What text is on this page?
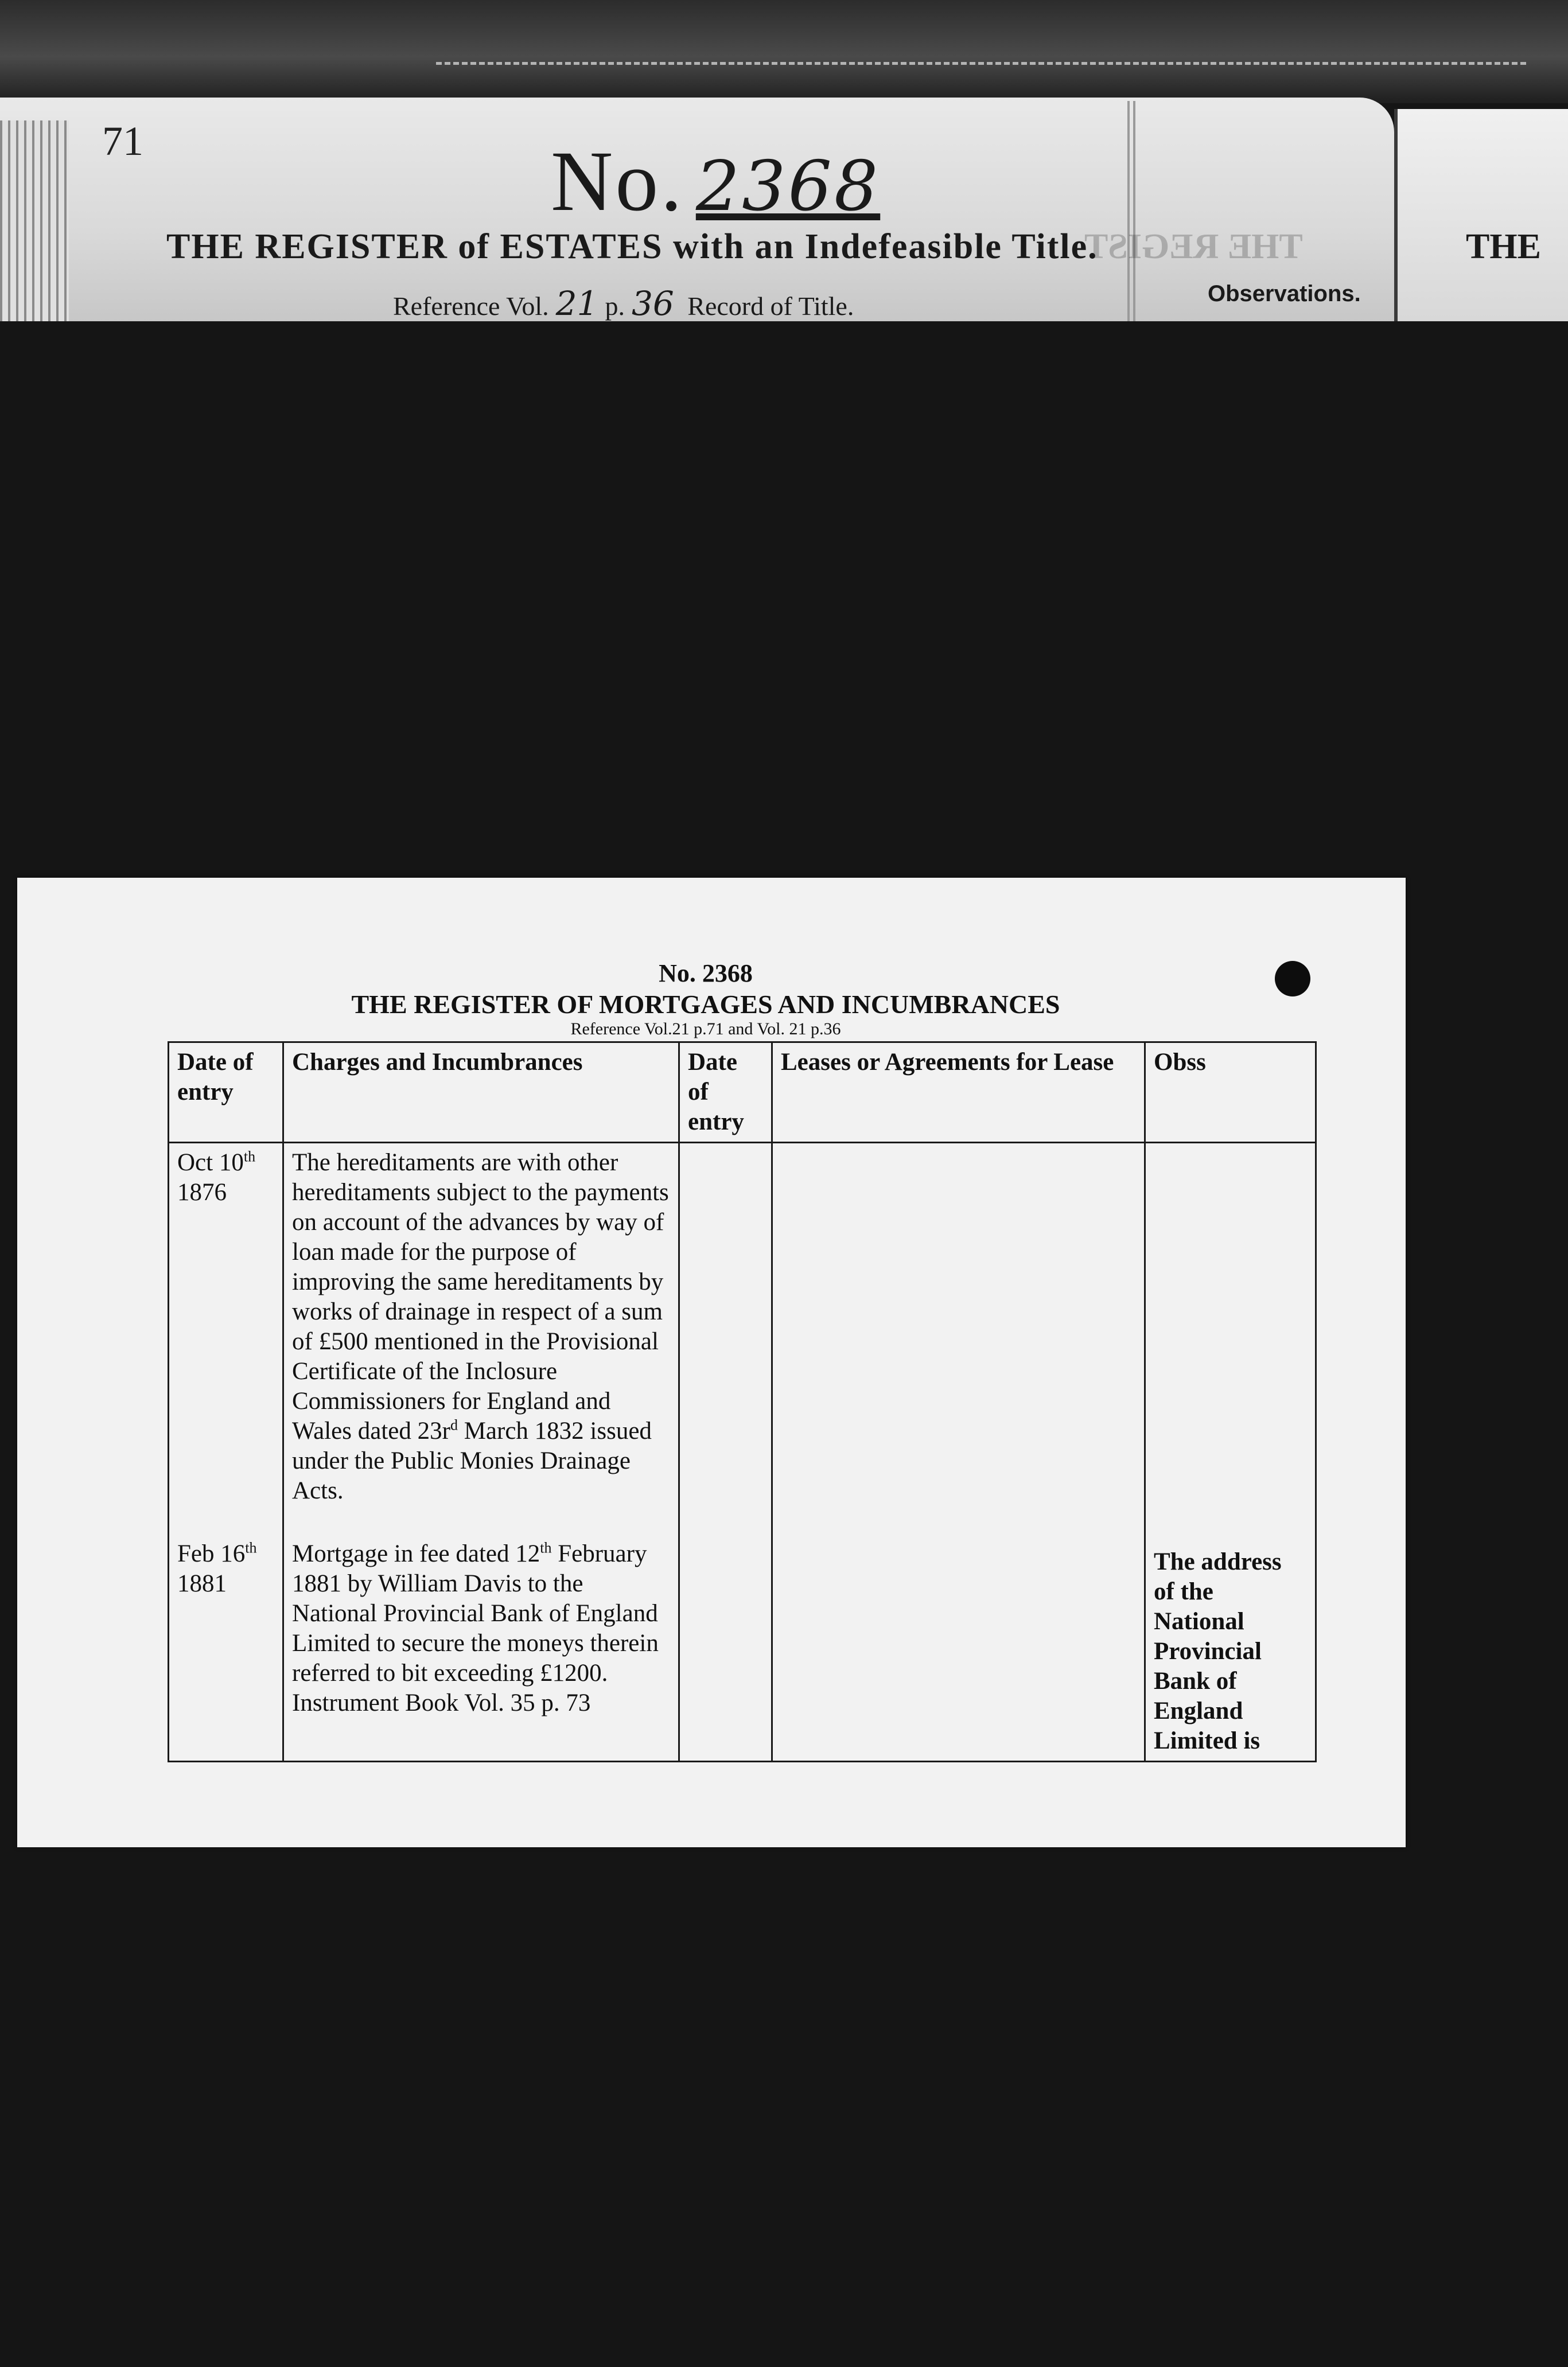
THE REGIST
71	No. 2368
THE REGISTER of ESTATES with an Indefeasible Title.
Reference Vol. 21 p. 36 Record of Title.	Observations.
THE
No. 2368
THE REGISTER OF MORTGAGES AND INCUMBRANCES
Reference Vol.21 p.71 and Vol. 21 p.36
Date of entry	Charges and Incumbrances	Date of entry	Leases or Agreements for Lease	Obss
Oct 10th
1876	The hereditaments are with other hereditaments subject to the payments on account of the advances by way of loan made for the purpose of improving the same hereditaments by works of drainage in respect of a sum of £500 mentioned in the Provisional Certificate of the Inclosure Commissioners for England and Wales dated $23r^d$ March 1832 issued under the Public Monies Drainage Acts.			
Feb 16th
1881	Mortgage in fee dated 12th February 1881 by William Davis to the National Provincial Bank of England Limited to secure the moneys therein referred to bit exceeding £1200. Instrument Book Vol. 35 p. 73			The address of the National Provincial Bank of England Limited is
